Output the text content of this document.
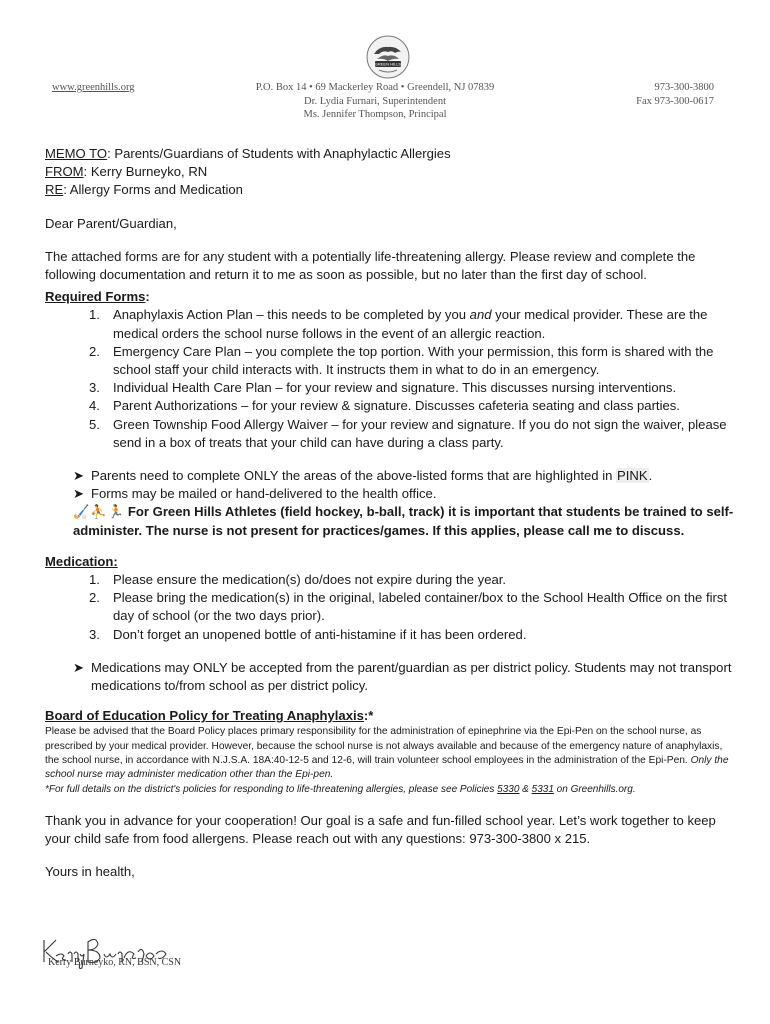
GREEN HILLS
www.greenhills.org	P.O. Box 14 • 69 Mackerley Road • Greendell, NJ 07839
Dr. Lydia Furnari, Superintendent
Ms. Jennifer Thompson, Principal
973-300-3800
Fax 973-300-0617
MEMO TO: Parents/Guardians of Students with Anaphylactic Allergies
FROM: Kerry Burneyko, RN
RE: Allergy Forms and Medication
Dear Parent/Guardian,
The attached forms are for any student with a potentially life-threatening allergy. Please review and complete the following documentation and return it to me as soon as possible, but no later than the first day of school.
Required Forms:
1. Anaphylaxis Action Plan – this needs to be completed by you and your medical provider. These are the medical orders the school nurse follows in the event of an allergic reaction.
2. Emergency Care Plan – you complete the top portion. With your permission, this form is shared with the school staff your child interacts with. It instructs them in what to do in an emergency.
3. Individual Health Care Plan – for your review and signature. This discusses nursing interventions.
4. Parent Authorizations – for your review & signature. Discusses cafeteria seating and class parties.
5. Green Township Food Allergy Waiver – for your review and signature. If you do not sign the waiver, please send in a box of treats that your child can have during a class party.
➤ Parents need to complete ONLY the areas of the above-listed forms that are highlighted in PINK.
➤ Forms may be mailed or hand-delivered to the health office.
🏑⛹🏃 For Green Hills Athletes (field hockey, b-ball, track) it is important that students be trained to self-administer. The nurse is not present for practices/games. If this applies, please call me to discuss.
Medication:
1. Please ensure the medication(s) do/does not expire during the year.
2. Please bring the medication(s) in the original, labeled container/box to the School Health Office on the first day of school (or the two days prior).
3. Don’t forget an unopened bottle of anti-histamine if it has been ordered.
➤ Medications may ONLY be accepted from the parent/guardian as per district policy. Students may not transport medications to/from school as per district policy.
Board of Education Policy for Treating Anaphylaxis:*
Please be advised that the Board Policy places primary responsibility for the administration of epinephrine via the Epi-Pen on the school nurse, as prescribed by your medical provider. However, because the school nurse is not always available and because of the emergency nature of anaphylaxis, the school nurse, in accordance with N.J.S.A. 18A:40-12-5 and 12-6, will train volunteer school employees in the administration of the Epi-Pen. Only the school nurse may administer medication other than the Epi-pen.
*For full details on the district's policies for responding to life-threatening allergies, please see Policies 5330 & 5331 on Greenhills.org.
Thank you in advance for your cooperation! Our goal is a safe and fun-filled school year. Let’s work together to keep your child safe from food allergens. Please reach out with any questions: 973-300-3800 x 215.
Yours in health,
Kerry Burneyko, RN, BSN, CSN
